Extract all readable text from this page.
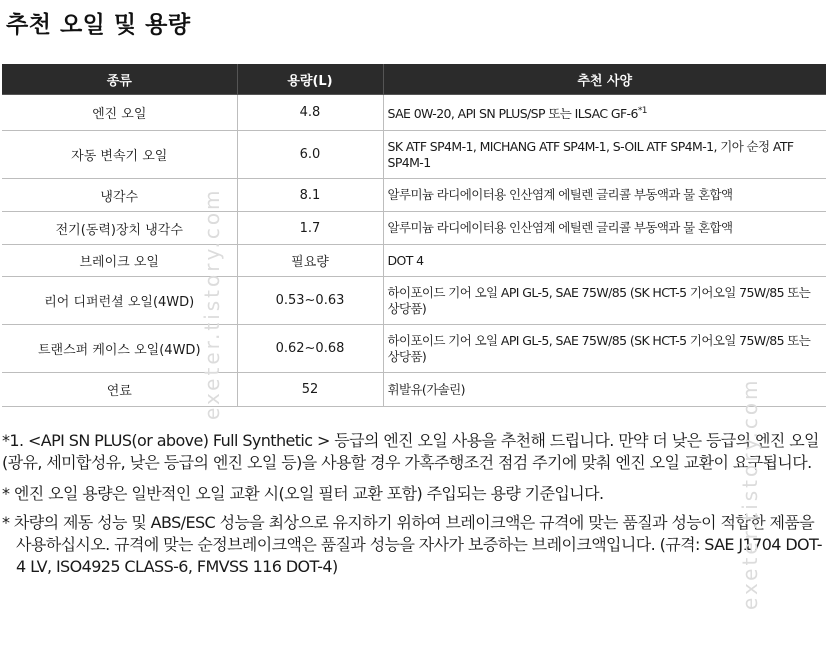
추천 오일 및 용량
종류	용량(L)	추천 사양
엔진 오일	4.8	SAE 0W-20, API SN PLUS/SP 또는 ILSAC GF-6$^{*1}$
자동 변속기 오일	6.0	SK ATF SP4M-1, MICHANG ATF SP4M-1, S-OIL ATF SP4M-1, 기아 순정 ATF SP4M-1
냉각수	8.1	알루미늄 라디에이터용 인산염계 에틸렌 글리콜 부동액과 물 혼합액
전기(동력)장치 냉각수	1.7	알루미늄 라디에이터용 인산염계 에틸렌 글리콜 부동액과 물 혼합액
브레이크 오일	필요량	DOT 4
리어 디퍼런셜 오일(4WD)	0.53~0.63	하이포이드 기어 오일 API GL-5, SAE 75W/85 (SK HCT-5 기어오일 75W/85 또는 상당품)
트랜스퍼 케이스 오일(4WD)	0.62~0.68	하이포이드 기어 오일 API GL-5, SAE 75W/85 (SK HCT-5 기어오일 75W/85 또는 상당품)
연료	52	휘발유(가솔린)

*1. <API SN PLUS(or above) Full Synthetic > 등급의 엔진 오일 사용을 추천해 드립니다. 만약 더 낮은 등급의 엔진 오일(광유, 세미합성유, 낮은 등급의 엔진 오일 등)을 사용할 경우 가혹주행조건 점검 주기에 맞춰 엔진 오일 교환이 요구됩니다.

* 엔진 오일 용량은 일반적인 오일 교환 시(오일 필터 교환 포함) 주입되는 용량 기준입니다.

* 차량의 제동 성능 및 ABS/ESC 성능을 최상으로 유지하기 위하여 브레이크액은 규격에 맞는 품질과 성능이 적합한 제품을 사용하십시오. 규격에 맞는 순정브레이크액은 품질과 성능을 자사가 보증하는 브레이크액입니다. (규격: SAE J1704 DOT-4 LV, ISO4925 CLASS-6, FMVSS 116 DOT-4)

exeter.tistory.com
exeter.tistory.com
